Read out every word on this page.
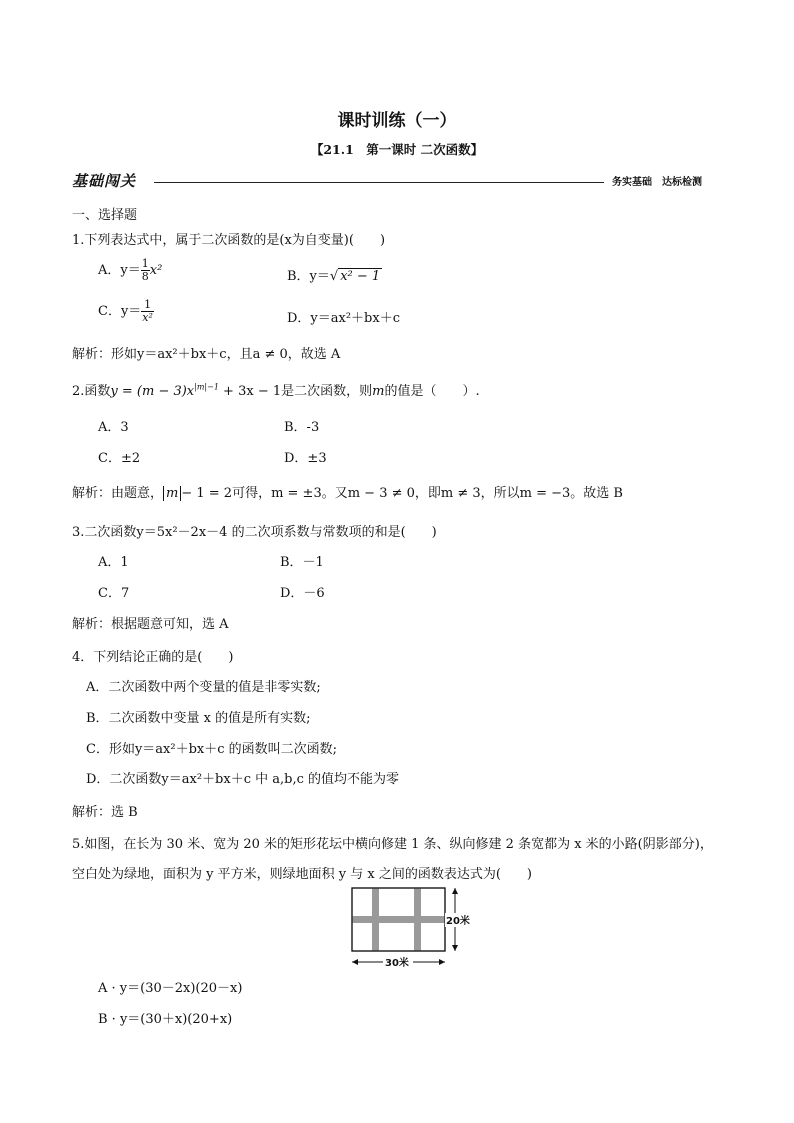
课时训练（一）
【21.1　第一课时 二次函数】
基础闯关	务实基础　达标检测
一、选择题
1.下列表达式中，属于二次函数的是(x为自变量)(　　)
A．$y= \frac{1}{8} x^2$	B．y＝√ x² − 1
C．$y= \frac{1}{\text{x²}}$	D．y＝ax²＋bx＋c
解析：形如y＝ax²＋bx＋c，且a ≠ 0，故选 A
2.函数$y = (m - 3)x^{|m|-1} + 3x - 1$是二次函数，则m的值是（　　）.
A．3	B．-3
C．±2	D．±3
解析：由题意， m − 1 = 2可得，m = ±3。又m − 3 ≠ 0，即m ≠ 3，所以m = −3。故选 B
3.二次函数y＝5x²－2x－4 的二次项系数与常数项的和是(　　)
A．1	B．－1
C．7	D．－6
解析：根据题意可知，选 A
4．下列结论正确的是(　　)
A．二次函数中两个变量的值是非零实数;
B．二次函数中变量 x 的值是所有实数;
C．形如y＝ax²＋bx＋c 的函数叫二次函数;
D．二次函数y＝ax²＋bx＋c 中 a,b,c 的值均不能为零
解析：选 B
5.如图，在长为 30 米、宽为 20 米的矩形花坛中横向修建 1 条、纵向修建 2 条宽都为 x 米的小路(阴影部分)，
空白处为绿地，面积为 y 平方米，则绿地面积 y 与 x 之间的函数表达式为(　　)
20米
30米
A · y＝(30－2x)(20－x)
B · y＝(30＋x)(20+x)
